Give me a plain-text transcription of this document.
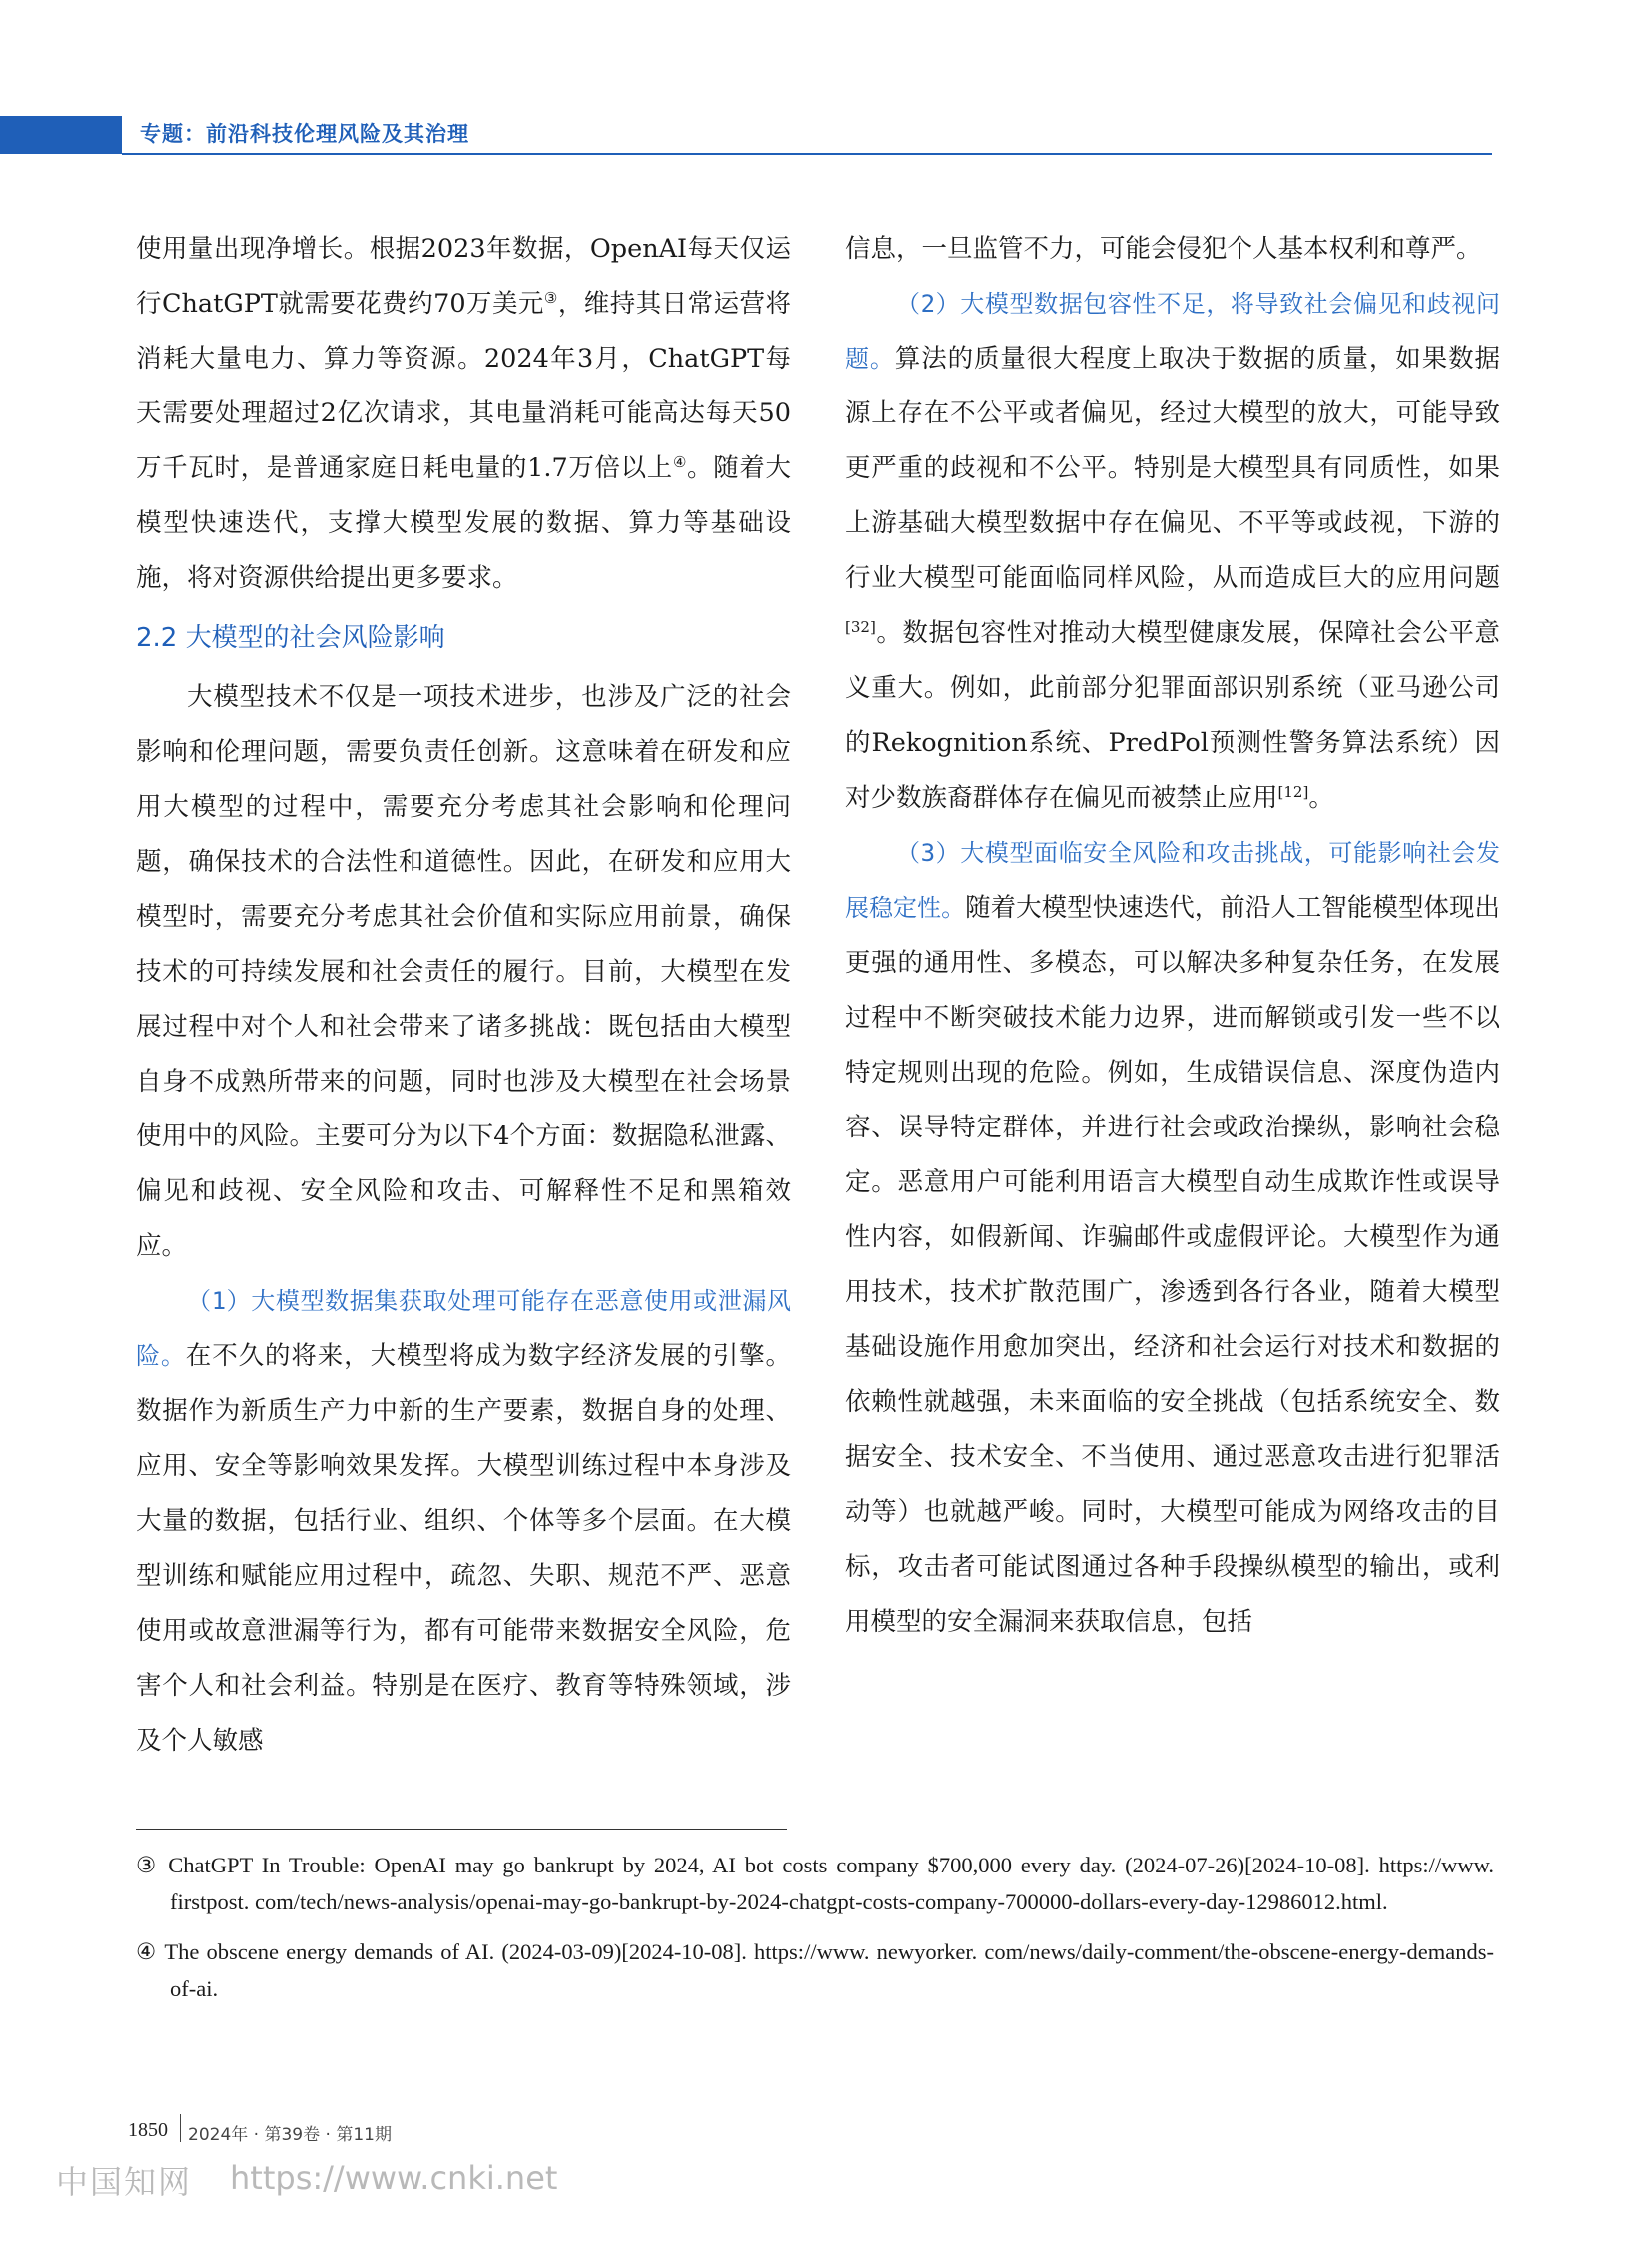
专题：前沿科技伦理风险及其治理

使用量出现净增长。根据2023年数据，OpenAI每天仅运行ChatGPT就需要花费约70万美元③，维持其日常运营将消耗大量电力、算力等资源。2024年3月，ChatGPT每天需要处理超过2亿次请求，其电量消耗可能高达每天50万千瓦时，是普通家庭日耗电量的1.7万倍以上④。随着大模型快速迭代，支撑大模型发展的数据、算力等基础设施，将对资源供给提出更多要求。

2.2 大模型的社会风险影响

大模型技术不仅是一项技术进步，也涉及广泛的社会影响和伦理问题，需要负责任创新。这意味着在研发和应用大模型的过程中，需要充分考虑其社会影响和伦理问题，确保技术的合法性和道德性。因此，在研发和应用大模型时，需要充分考虑其社会价值和实际应用前景，确保技术的可持续发展和社会责任的履行。目前，大模型在发展过程中对个人和社会带来了诸多挑战：既包括由大模型自身不成熟所带来的问题，同时也涉及大模型在社会场景使用中的风险。主要可分为以下4个方面：数据隐私泄露、偏见和歧视、安全风险和攻击、可解释性不足和黑箱效应。

（1）大模型数据集获取处理可能存在恶意使用或泄漏风险。在不久的将来，大模型将成为数字经济发展的引擎。数据作为新质生产力中新的生产要素，数据自身的处理、应用、安全等影响效果发挥。大模型训练过程中本身涉及大量的数据，包括行业、组织、个体等多个层面。在大模型训练和赋能应用过程中，疏忽、失职、规范不严、恶意使用或故意泄漏等行为，都有可能带来数据安全风险，危害个人和社会利益。特别是在医疗、教育等特殊领域，涉及个人敏感

信息，一旦监管不力，可能会侵犯个人基本权利和尊严。

（2）大模型数据包容性不足，将导致社会偏见和歧视问题。算法的质量很大程度上取决于数据的质量，如果数据源上存在不公平或者偏见，经过大模型的放大，可能导致更严重的歧视和不公平。特别是大模型具有同质性，如果上游基础大模型数据中存在偏见、不平等或歧视，下游的行业大模型可能面临同样风险，从而造成巨大的应用问题[32]。数据包容性对推动大模型健康发展，保障社会公平意义重大。例如，此前部分犯罪面部识别系统（亚马逊公司的Rekognition系统、PredPol预测性警务算法系统）因对少数族裔群体存在偏见而被禁止应用[12]。

（3）大模型面临安全风险和攻击挑战，可能影响社会发展稳定性。随着大模型快速迭代，前沿人工智能模型体现出更强的通用性、多模态，可以解决多种复杂任务，在发展过程中不断突破技术能力边界，进而解锁或引发一些不以特定规则出现的危险。例如，生成错误信息、深度伪造内容、误导特定群体，并进行社会或政治操纵，影响社会稳定。恶意用户可能利用语言大模型自动生成欺诈性或误导性内容，如假新闻、诈骗邮件或虚假评论。大模型作为通用技术，技术扩散范围广，渗透到各行各业，随着大模型基础设施作用愈加突出，经济和社会运行对技术和数据的依赖性就越强，未来面临的安全挑战（包括系统安全、数据安全、技术安全、不当使用、通过恶意攻击进行犯罪活动等）也就越严峻。同时，大模型可能成为网络攻击的目标，攻击者可能试图通过各种手段操纵模型的输出，或利用模型的安全漏洞来获取信息，包括

③ ChatGPT In Trouble: OpenAI may go bankrupt by 2024, AI bot costs company $700,000 every day. (2024-07-26)[2024-10-08]. https://www. firstpost. com/tech/news-analysis/openai-may-go-bankrupt-by-2024-chatgpt-costs-company-700000-dollars-every-day-12986012.html.

④ The obscene energy demands of AI. (2024-03-09)[2024-10-08]. https://www. newyorker. com/news/daily-comment/the-obscene-energy-demands-of-ai.

1850 2024年 · 第39卷 · 第11期
中国知网 https://www.cnki.net
